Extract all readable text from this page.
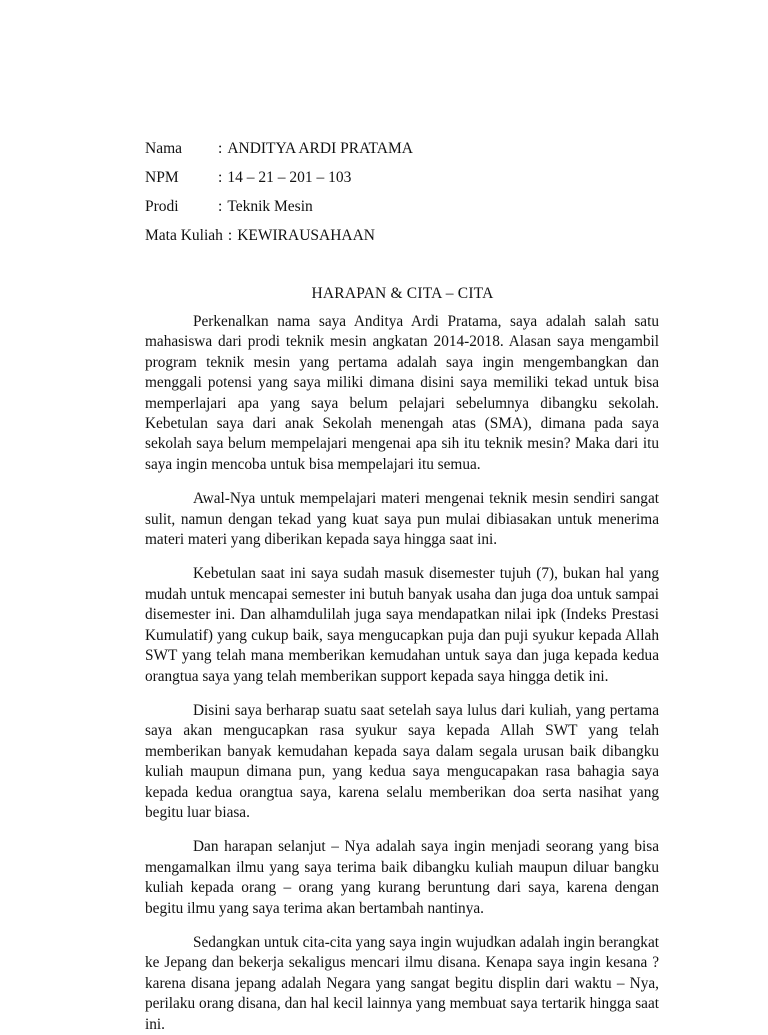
Nama	: ANDITYA ARDI PRATAMA
NPM	: 14 – 21 – 201 – 103
Prodi	: Teknik Mesin
Mata Kuliah : KEWIRAUSAHAAN
HARAPAN & CITA – CITA

Perkenalkan nama saya Anditya Ardi Pratama, saya adalah salah satu mahasiswa dari prodi teknik mesin angkatan 2014-2018. Alasan saya mengambil program teknik mesin yang pertama adalah saya ingin mengembangkan dan menggali potensi yang saya miliki dimana disini saya memiliki tekad untuk bisa memperlajari apa yang saya belum pelajari sebelumnya dibangku sekolah. Kebetulan saya dari anak Sekolah menengah atas (SMA), dimana pada saya sekolah saya belum mempelajari mengenai apa sih itu teknik mesin? Maka dari itu saya ingin mencoba untuk bisa mempelajari itu semua.

Awal-Nya untuk mempelajari materi mengenai teknik mesin sendiri sangat sulit, namun dengan tekad yang kuat saya pun mulai dibiasakan untuk menerima materi materi yang diberikan kepada saya hingga saat ini.

Kebetulan saat ini saya sudah masuk disemester tujuh (7), bukan hal yang mudah untuk mencapai semester ini butuh banyak usaha dan juga doa untuk sampai disemester ini. Dan alhamdulilah juga saya mendapatkan nilai ipk (Indeks Prestasi Kumulatif) yang cukup baik, saya mengucapkan puja dan puji syukur kepada Allah SWT yang telah mana memberikan kemudahan untuk saya dan juga kepada kedua orangtua saya yang telah memberikan support kepada saya hingga detik ini.

Disini saya berharap suatu saat setelah saya lulus dari kuliah, yang pertama saya akan mengucapkan rasa syukur saya kepada Allah SWT yang telah memberikan banyak kemudahan kepada saya dalam segala urusan baik dibangku kuliah maupun dimana pun, yang kedua saya mengucapakan rasa bahagia saya kepada kedua orangtua saya, karena selalu memberikan doa serta nasihat yang begitu luar biasa.

Dan harapan selanjut – Nya adalah saya ingin menjadi seorang yang bisa mengamalkan ilmu yang saya terima baik dibangku kuliah maupun diluar bangku kuliah kepada orang – orang yang kurang beruntung dari saya, karena dengan begitu ilmu yang saya terima akan bertambah nantinya.

Sedangkan untuk cita-cita yang saya ingin wujudkan adalah ingin berangkat ke Jepang dan bekerja sekaligus mencari ilmu disana. Kenapa saya ingin kesana ? karena disana jepang adalah Negara yang sangat begitu displin dari waktu – Nya, perilaku orang disana, dan hal kecil lainnya yang membuat saya tertarik hingga saat ini.
